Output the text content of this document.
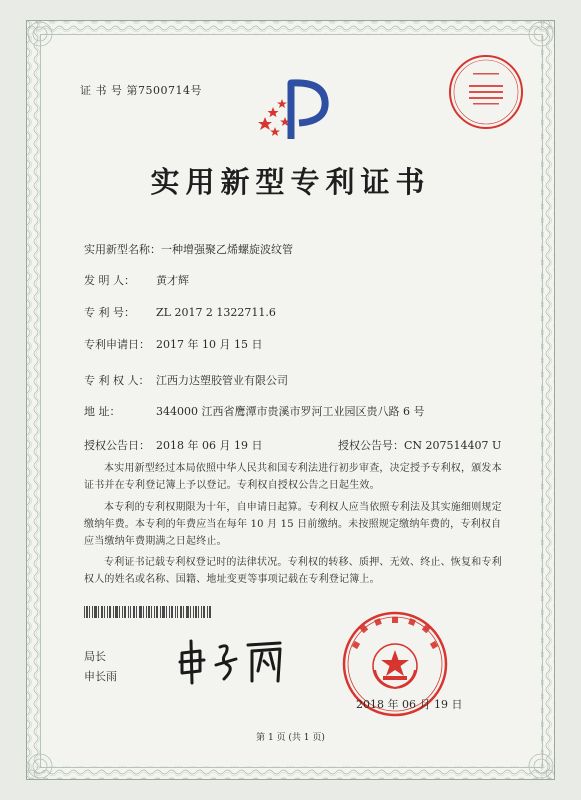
证 书 号 第7500714号
实用新型专利证书
实用新型名称：一种增强聚乙烯螺旋波纹管
发 明 人： 黄才辉
专 利 号： ZL 2017 2 1322711.6
专利申请日： 2017 年 10 月 15 日
专 利 权 人： 江西力达塑胶管业有限公司
地 址：	344000 江西省鹰潭市贵溪市罗河工业园区贵八路 6 号
授权公告日： 2018 年 06 月 19 日	授权公告号：CN 207514407 U
本实用新型经过本局依照中华人民共和国专利法进行初步审查，决定授予专利权，颁发本证书并在专利登记簿上予以登记。专利权自授权公告之日起生效。
本专利的专利权期限为十年，自申请日起算。专利权人应当依照专利法及其实施细则规定缴纳年费。本专利的年费应当在每年 10 月 15 日前缴纳。未按照规定缴纳年费的，专利权自应当缴纳年费期满之日起终止。
专利证书记载专利权登记时的法律状况。专利权的转移、质押、无效、终止、恢复和专利权人的姓名或名称、国籍、地址变更等事项记载在专利登记簿上。
局长
申长雨
2018 年 06 月 19 日
第 1 页 (共 1 页)
